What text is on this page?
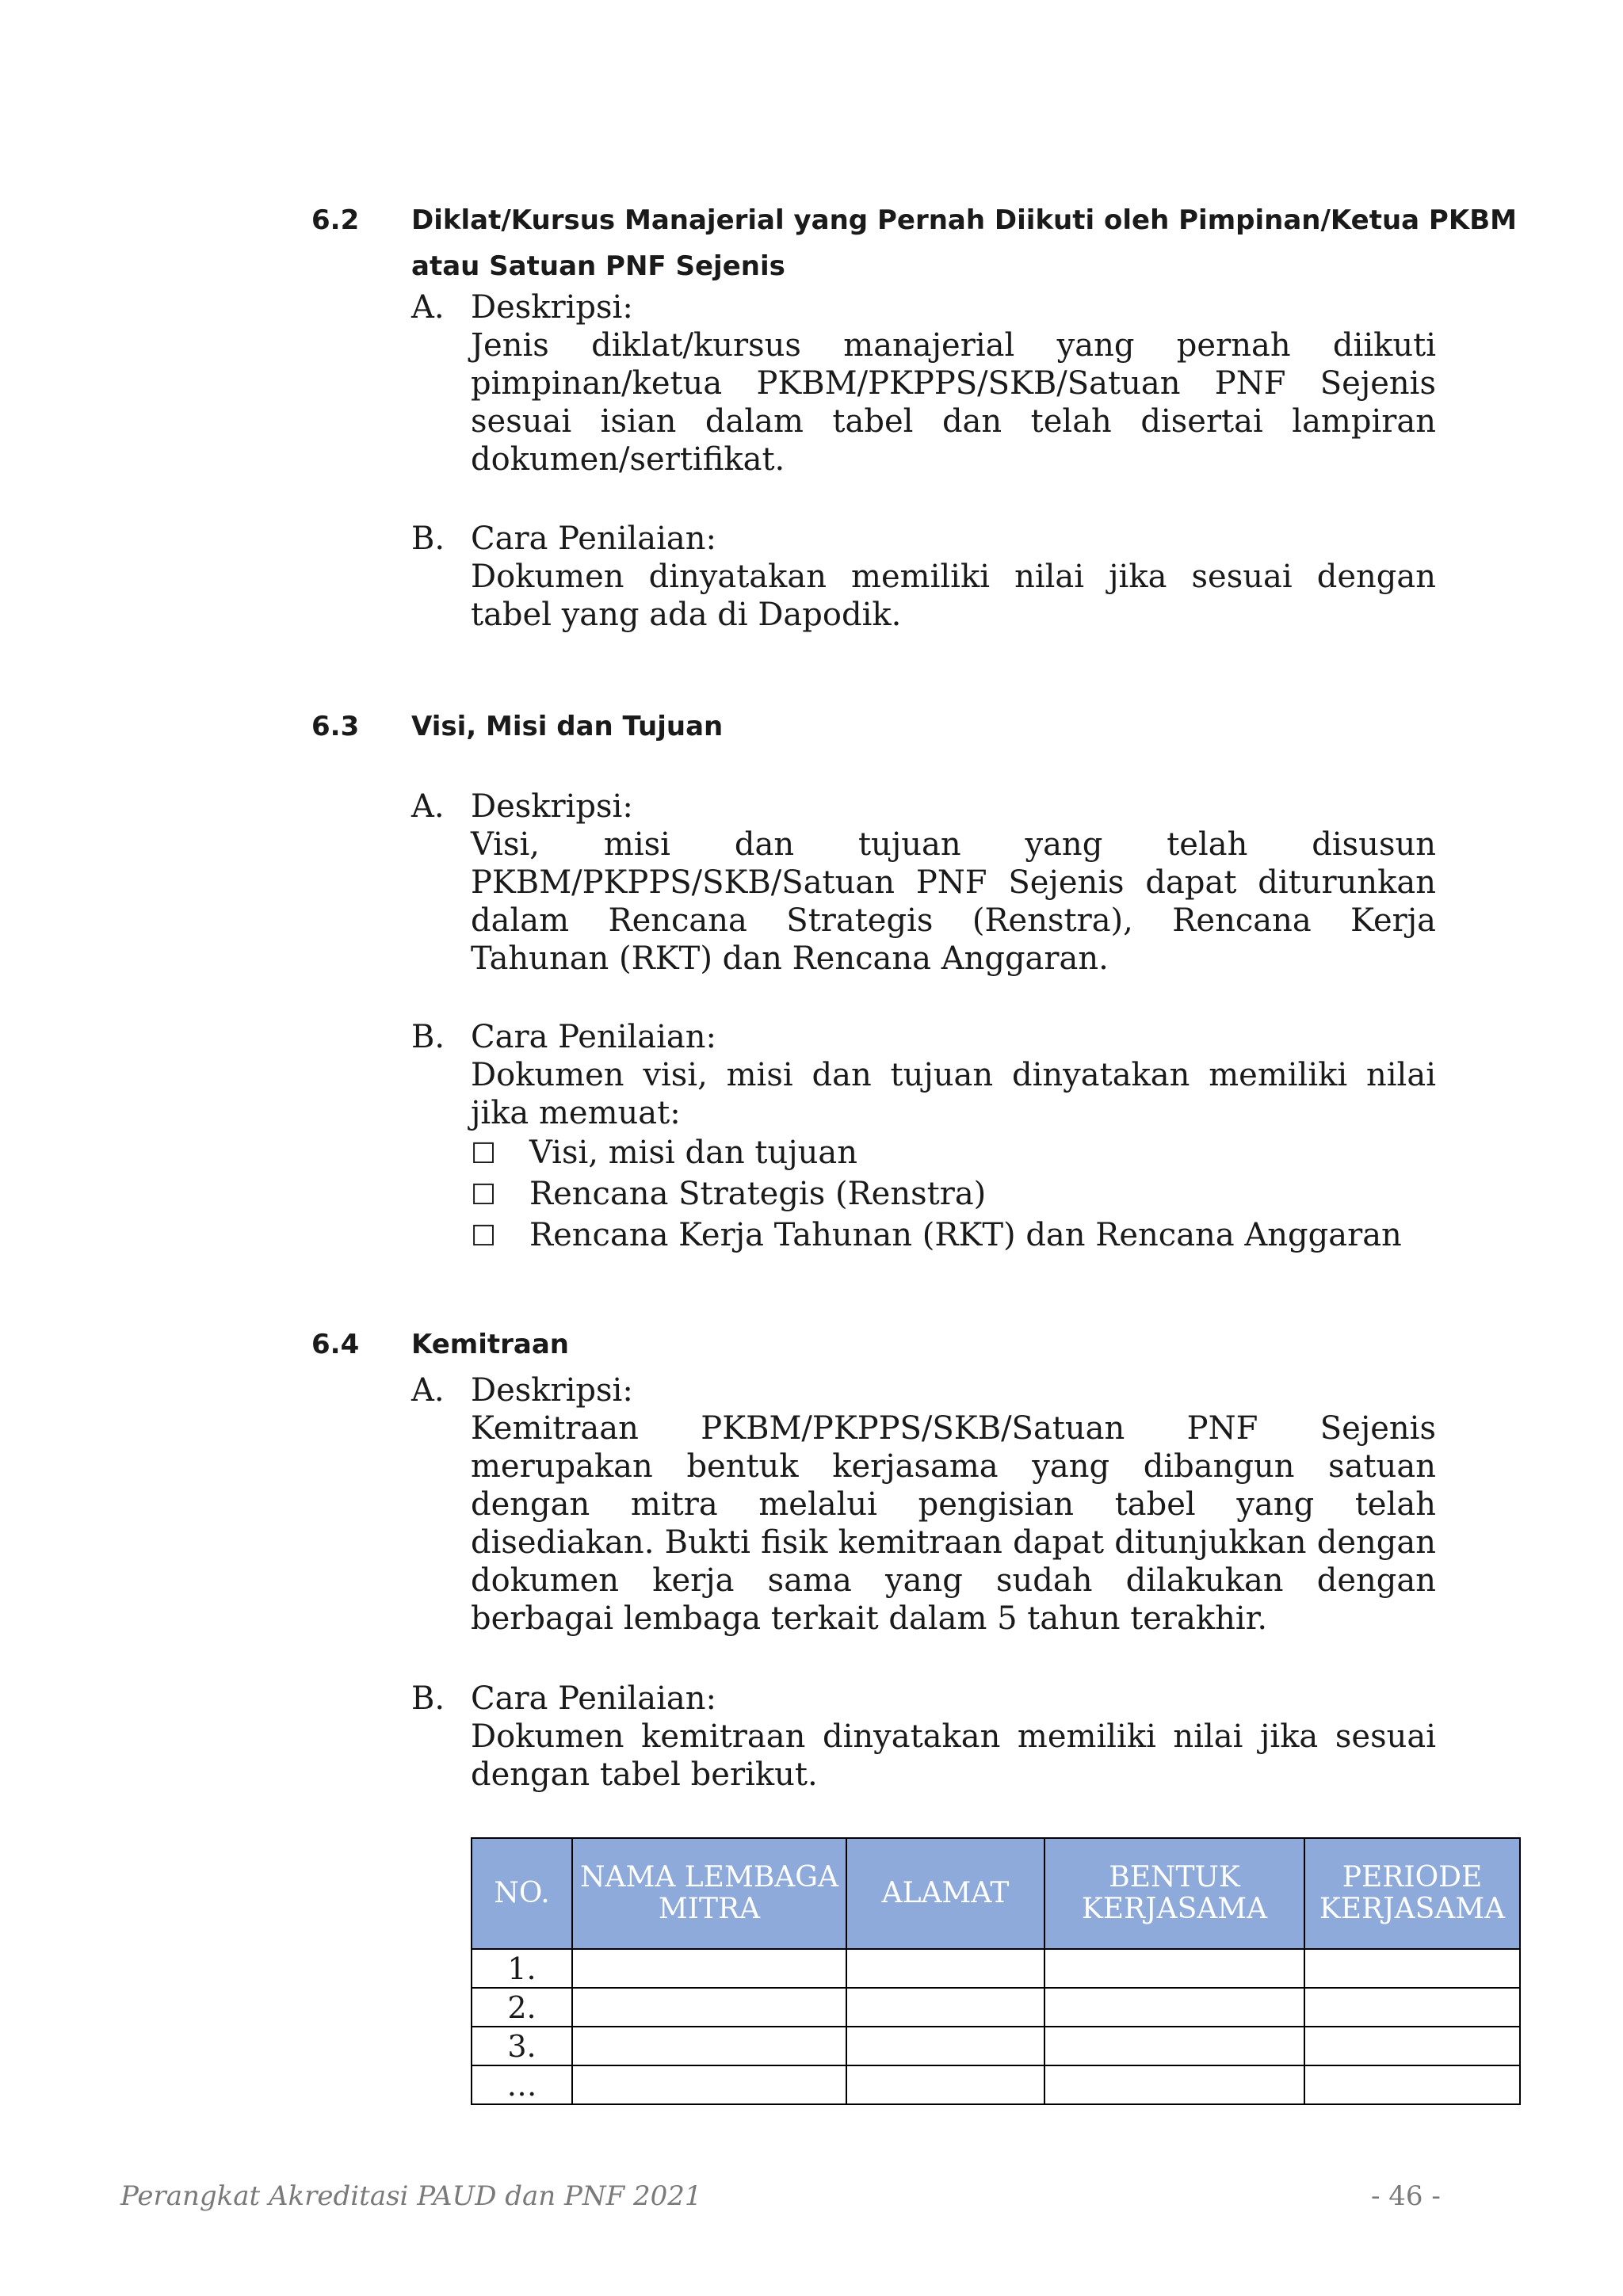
6.2	Diklat/Kursus Manajerial yang Pernah Diikuti oleh Pimpinan/Ketua PKBM atau Satuan PNF Sejenis
A. Deskripsi:
Jenis diklat/kursus manajerial yang pernah diikuti pimpinan/ketua PKBM/PKPPS/SKB/Satuan PNF Sejenis sesuai isian dalam tabel dan telah disertai lampiran dokumen/sertifikat.
B. Cara Penilaian:
Dokumen dinyatakan memiliki nilai jika sesuai dengan tabel yang ada di Dapodik.
6.3	Visi, Misi dan Tujuan
A. Deskripsi:
Visi, misi dan tujuan yang telah disusun PKBM/PKPPS/SKB/Satuan PNF Sejenis dapat diturunkan dalam Rencana Strategis (Renstra), Rencana Kerja Tahunan (RKT) dan Rencana Anggaran.
B. Cara Penilaian:
Dokumen visi, misi dan tujuan dinyatakan memiliki nilai jika memuat:
☐ Visi, misi dan tujuan
☐ Rencana Strategis (Renstra)
☐ Rencana Kerja Tahunan (RKT) dan Rencana Anggaran
6.4	Kemitraan
A. Deskripsi:
Kemitraan PKBM/PKPPS/SKB/Satuan PNF Sejenis merupakan bentuk kerjasama yang dibangun satuan dengan mitra melalui pengisian tabel yang telah disediakan. Bukti fisik kemitraan dapat ditunjukkan dengan dokumen kerja sama yang sudah dilakukan dengan berbagai lembaga terkait dalam 5 tahun terakhir.
B. Cara Penilaian:
Dokumen kemitraan dinyatakan memiliki nilai jika sesuai dengan tabel berikut.
NO.	NAMA LEMBAGA MITRA	ALAMAT	BENTUK KERJASAMA	PERIODE KERJASAMA
1.				
2.				
3.				
…				
Perangkat Akreditasi PAUD dan PNF 2021	- 46 -
